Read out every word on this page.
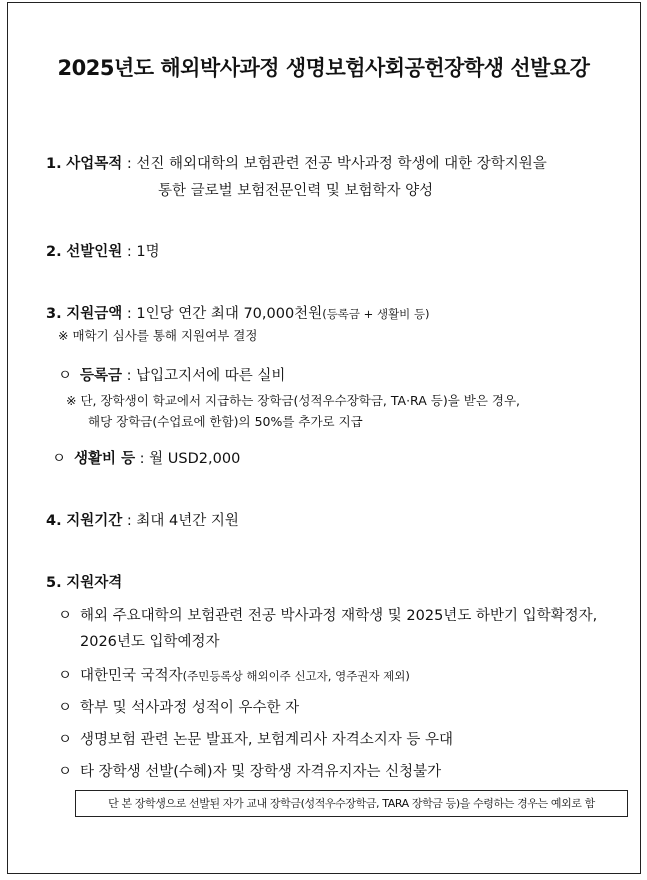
2025년도 해외박사과정 생명보험사회공헌장학생 선발요강
1. 사업목적 : 선진 해외대학의 보험관련 전공 박사과정 학생에 대한 장학지원을
통한 글로벌 보험전문인력 및 보험학자 양성
2. 선발인원 : 1명
3. 지원금액 : 1인당 연간 최대 70,000천원(등록금 + 생활비 등)
※ 매학기 심사를 통해 지원여부 결정
ㅇ 등록금 : 납입고지서에 따른 실비
※ 단, 장학생이 학교에서 지급하는 장학금(성적우수장학금, TA·RA 등)을 받은 경우,
해당 장학금(수업료에 한함)의 50%를 추가로 지급
ㅇ 생활비 등 : 월 USD2,000
4. 지원기간 : 최대 4년간 지원
5. 지원자격
ㅇ 해외 주요대학의 보험관련 전공 박사과정 재학생 및 2025년도 하반기 입학확정자,
2026년도 입학예정자
ㅇ 대한민국 국적자(주민등록상 해외이주 신고자, 영주권자 제외)
ㅇ 학부 및 석사과정 성적이 우수한 자
ㅇ 생명보험 관련 논문 발표자, 보험계리사 자격소지자 등 우대
ㅇ 타 장학생 선발(수혜)자 및 장학생 자격유지자는 신청불가
단 본 장학생으로 선발된 자가 교내 장학금(성적우수장학금, TARA 장학금 등)을 수령하는 경우는 예외로 함
